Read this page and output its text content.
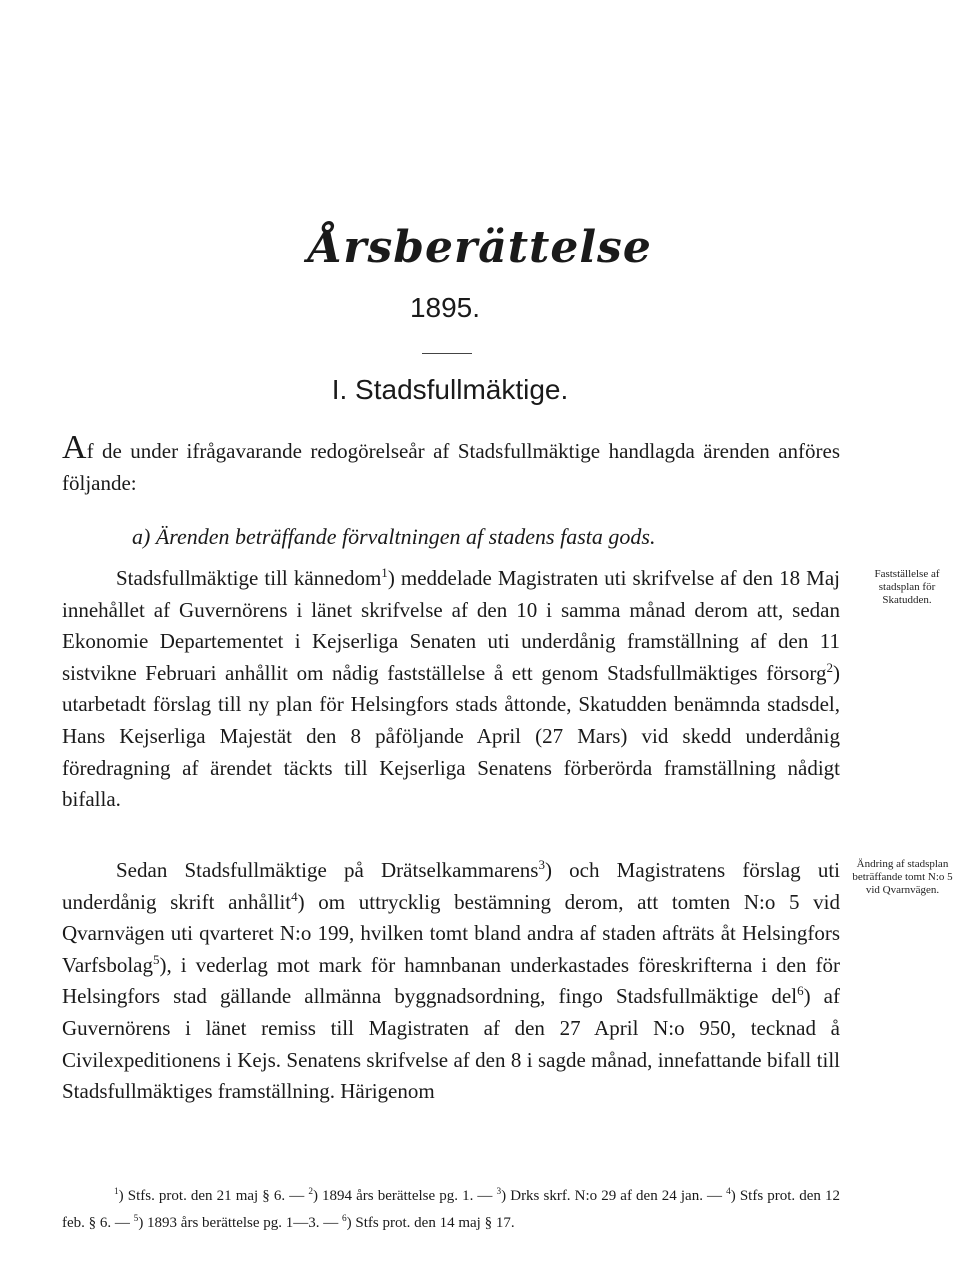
Årsberättelse
1895.
I. Stadsfullmäktige.
Af de under ifrågavarande redogörelseår af Stadsfullmäktige handlagda ärenden anföres följande:
a) Ärenden beträffande förvaltningen af stadens fasta gods.

Stadsfullmäktige till kännedom$^1$) meddelade Magistraten uti skrifvelse af den 18 Maj innehållet af Guvernörens i länet skrifvelse af den 10 i samma månad derom att, sedan Ekonomie Departementet i Kejserliga Senaten uti underdånig framställning af den 11 sistvikne Februari anhållit om nådig fastställelse å ett genom Stadsfullmäktiges försorg$^2$) utarbetadt förslag till ny plan för Helsingfors stads åttonde, Skatudden benämnda stadsdel, Hans Kejserliga Majestät den 8 påföljande April (27 Mars) vid skedd underdånig föredragning af ärendet täckts till Kejserliga Senatens förberörda framställning nådigt bifalla.

Fastställelse af stadsplan för Skatudden.

Sedan Stadsfullmäktige på Drätselkammarens$^3$) och Magistratens förslag uti underdånig skrift anhållit$^4$) om uttrycklig bestämning derom, att tomten N:o 5 vid Qvarnvägen uti qvarteret N:o 199, hvilken tomt bland andra af staden afträts åt Helsingfors Varfsbolag$^5$), i vederlag mot mark för hamnbanan underkastades föreskrifterna i den för Helsingfors stad gällande allmänna byggnadsordning, fingo Stadsfullmäktige del$^6$) af Guvernörens i länet remiss till Magistraten af den 27 April N:o 950, tecknad å Civilexpeditionens i Kejs. Senatens skrifvelse af den 8 i sagde månad, innefattande bifall till Stadsfullmäktiges framställning. Härigenom

Ändring af stadsplan beträffande tomt N:o 5 vid Qvarnvägen.

$^1$) Stfs. prot. den 21 maj § 6. — $^2$) 1894 års berättelse pg. 1. — $^3$) Drks skrf. N:o 29 af den 24 jan. — $^4$) Stfs prot. den 12 feb. § 6. — $^5$) 1893 års berättelse pg. 1—3. — $^6$) Stfs prot. den 14 maj § 17.
